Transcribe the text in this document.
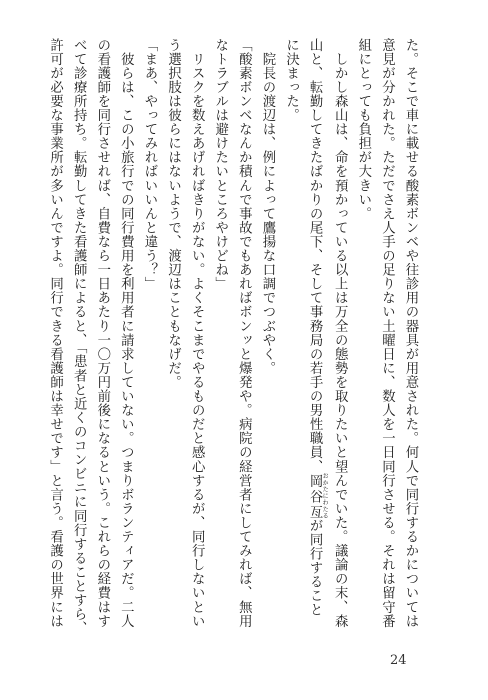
た。そこで車に載せる酸素ボンベや往診用の器具が用意された。何人で同行するかについては
意見が分かれた。ただでさえ人手の足りない土曜日に、数人を一日同行させる。それは留守番
組にとっても負担が大きい。
　しかし森山は、命を預かっている以上は万全の態勢を取りたいと望んでいた。議論の末、森
山と、転勤してきたばかりの尾下、そして事務局の若手の男性職員、岡谷亙 おかたにわたるが同行すること
に決まった。
　院長の渡辺は、例によって鷹揚な口調でつぶやく。
「酸素ボンベなんか積んで事故でもあればボンッと爆発や。病院の経営者にしてみれば、無用
なトラブルは避けたいところやけどね」
　リスクを数えあげればきりがない。よくそこまでやるものだと感心するが、同行しないとい
う選択肢は彼らにはないようで、渡辺はこともなげだ。
「まあ、やってみればいいんと違う？」
　彼らは、この小旅行での同行費用を利用者に請求していない。つまりボランティアだ。二人
の看護師を同行させれば、自費なら一日あたり一〇万円前後になるという。これらの経費はす
べて診療所持ち。転勤してきた看護師によると、「患者と近くのコンビニに同行することすら、
許可が必要な事業所が多いんですよ。同行できる看護師は幸せです」と言う。看護の世界には
24
